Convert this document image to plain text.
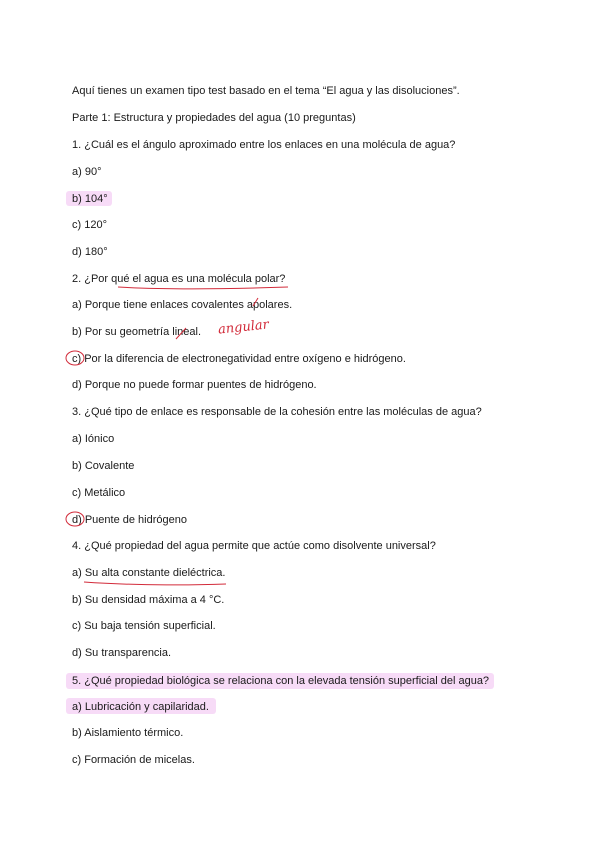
Aquí tienes un examen tipo test basado en el tema “El agua y las disoluciones”.
Parte 1: Estructura y propiedades del agua (10 preguntas)
1. ¿Cuál es el ángulo aproximado entre los enlaces en una molécula de agua?
a) 90°
b) 104°
c) 120°
d) 180°
2. ¿Por qué el agua es una molécula polar?
a) Porque tiene enlaces covalentes apolares.
b) Por su geometría lineal.
c) Por la diferencia de electronegatividad entre oxígeno e hidrógeno.
d) Porque no puede formar puentes de hidrógeno.
3. ¿Qué tipo de enlace es responsable de la cohesión entre las moléculas de agua?
a) Iónico
b) Covalente
c) Metálico
d) Puente de hidrógeno
4. ¿Qué propiedad del agua permite que actúe como disolvente universal?
a) Su alta constante dieléctrica.
b) Su densidad máxima a 4 °C.
c) Su baja tensión superficial.
d) Su transparencia.
5. ¿Qué propiedad biológica se relaciona con la elevada tensión superficial del agua?
a) Lubricación y capilaridad.
b) Aislamiento térmico.
c) Formación de micelas.
angular
